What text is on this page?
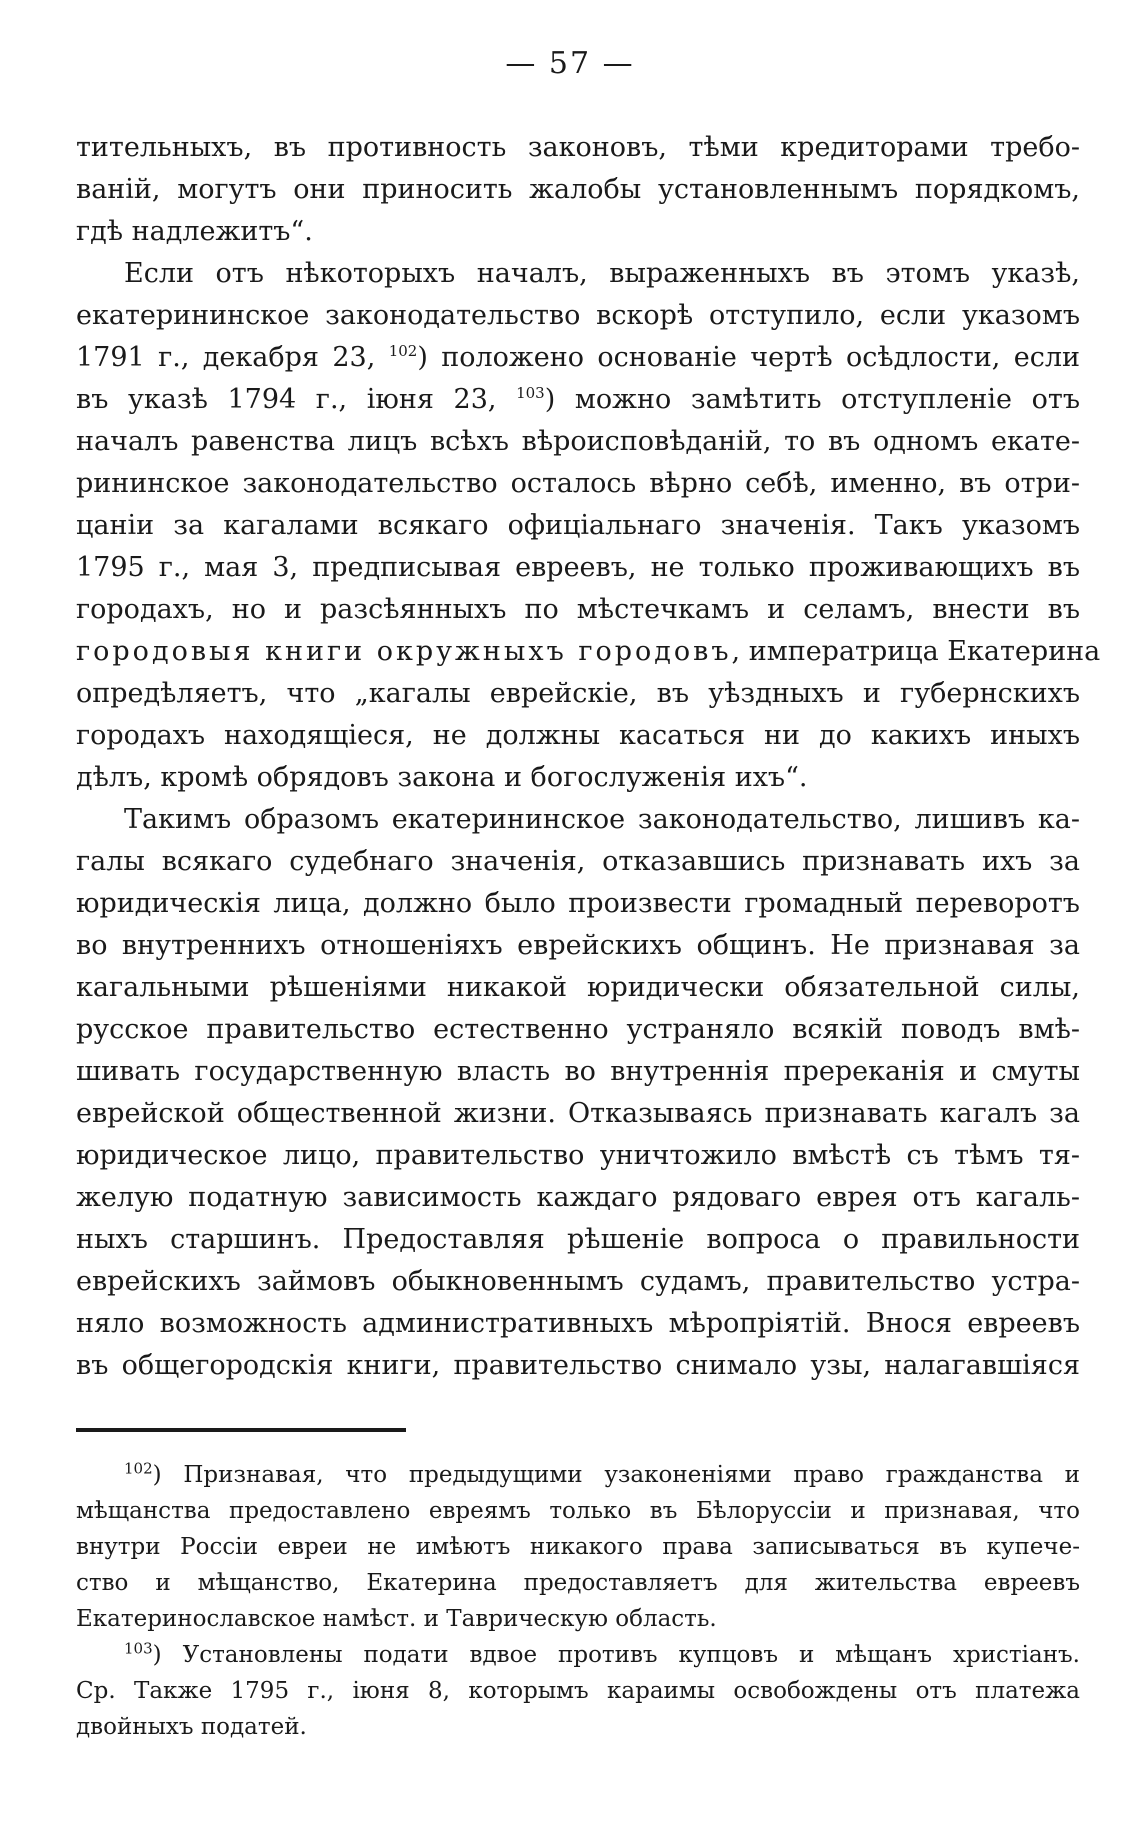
— 57 —
тительныхъ, въ противность законовъ, тѣми кредиторами требо-
ваній, могутъ они приносить жалобы установленнымъ порядкомъ,
гдѣ надлежитъ“.
Если отъ нѣкоторыхъ началъ, выраженныхъ въ этомъ указѣ,
екатерининское законодательство вскорѣ отступило, если указомъ
1791 г., декабря 23, $^{102}$) положено основаніе чертѣ осѣдлости, если
въ указѣ 1794 г., іюня 23, $^{103}$) можно замѣтить отступленіе отъ
началъ равенства лицъ всѣхъ вѣроисповѣданій, то въ одномъ екате-
рининское законодательство осталось вѣрно себѣ, именно, въ отри-
цаніи за кагалами всякаго офиціальнаго значенія. Такъ указомъ
1795 г., мая 3, предписывая евреевъ, не только проживающихъ въ
городахъ, но и разсѣянныхъ по мѣстечкамъ и селамъ, внести въ
городовыя книги окружныхъ городовъ, императрица Екатерина
опредѣляетъ, что „кагалы еврейскіе, въ уѣздныхъ и губернскихъ
городахъ находящіеся, не должны касаться ни до какихъ иныхъ
дѣлъ, кромѣ обрядовъ закона и богослуженія ихъ“.
Такимъ образомъ екатерининское законодательство, лишивъ ка-
галы всякаго судебнаго значенія, отказавшись признавать ихъ за
юридическія лица, должно было произвести громадный переворотъ
во внутреннихъ отношеніяхъ еврейскихъ общинъ. Не признавая за
кагальными рѣшеніями никакой юридически обязательной силы,
русское правительство естественно устраняло всякій поводъ вмѣ-
шивать государственную власть во внутреннія пререканія и смуты
еврейской общественной жизни. Отказываясь признавать кагалъ за
юридическое лицо, правительство уничтожило вмѣстѣ съ тѣмъ тя-
желую податную зависимость каждаго рядоваго еврея отъ кагаль-
ныхъ старшинъ. Предоставляя рѣшеніе вопроса о правильности
еврейскихъ займовъ обыкновеннымъ судамъ, правительство устра-
няло возможность административныхъ мѣропріятій. Внося евреевъ
въ общегородскія книги, правительство снимало узы, налагавшіяся
$^{102}$) Признавая, что предыдущими узаконеніями право гражданства и
мѣщанства предоставлено евреямъ только въ Бѣлоруссіи и признавая, что
внутри Россіи евреи не имѣютъ никакого права записываться въ купече-
ство и мѣщанство, Екатерина предоставляетъ для жительства евреевъ
Екатеринославское намѣст. и Таврическую область.
$^{103}$) Установлены подати вдвое противъ купцовъ и мѣщанъ христіанъ.
Ср. Также 1795 г., іюня 8, которымъ караимы освобождены отъ платежа
двойныхъ податей.
